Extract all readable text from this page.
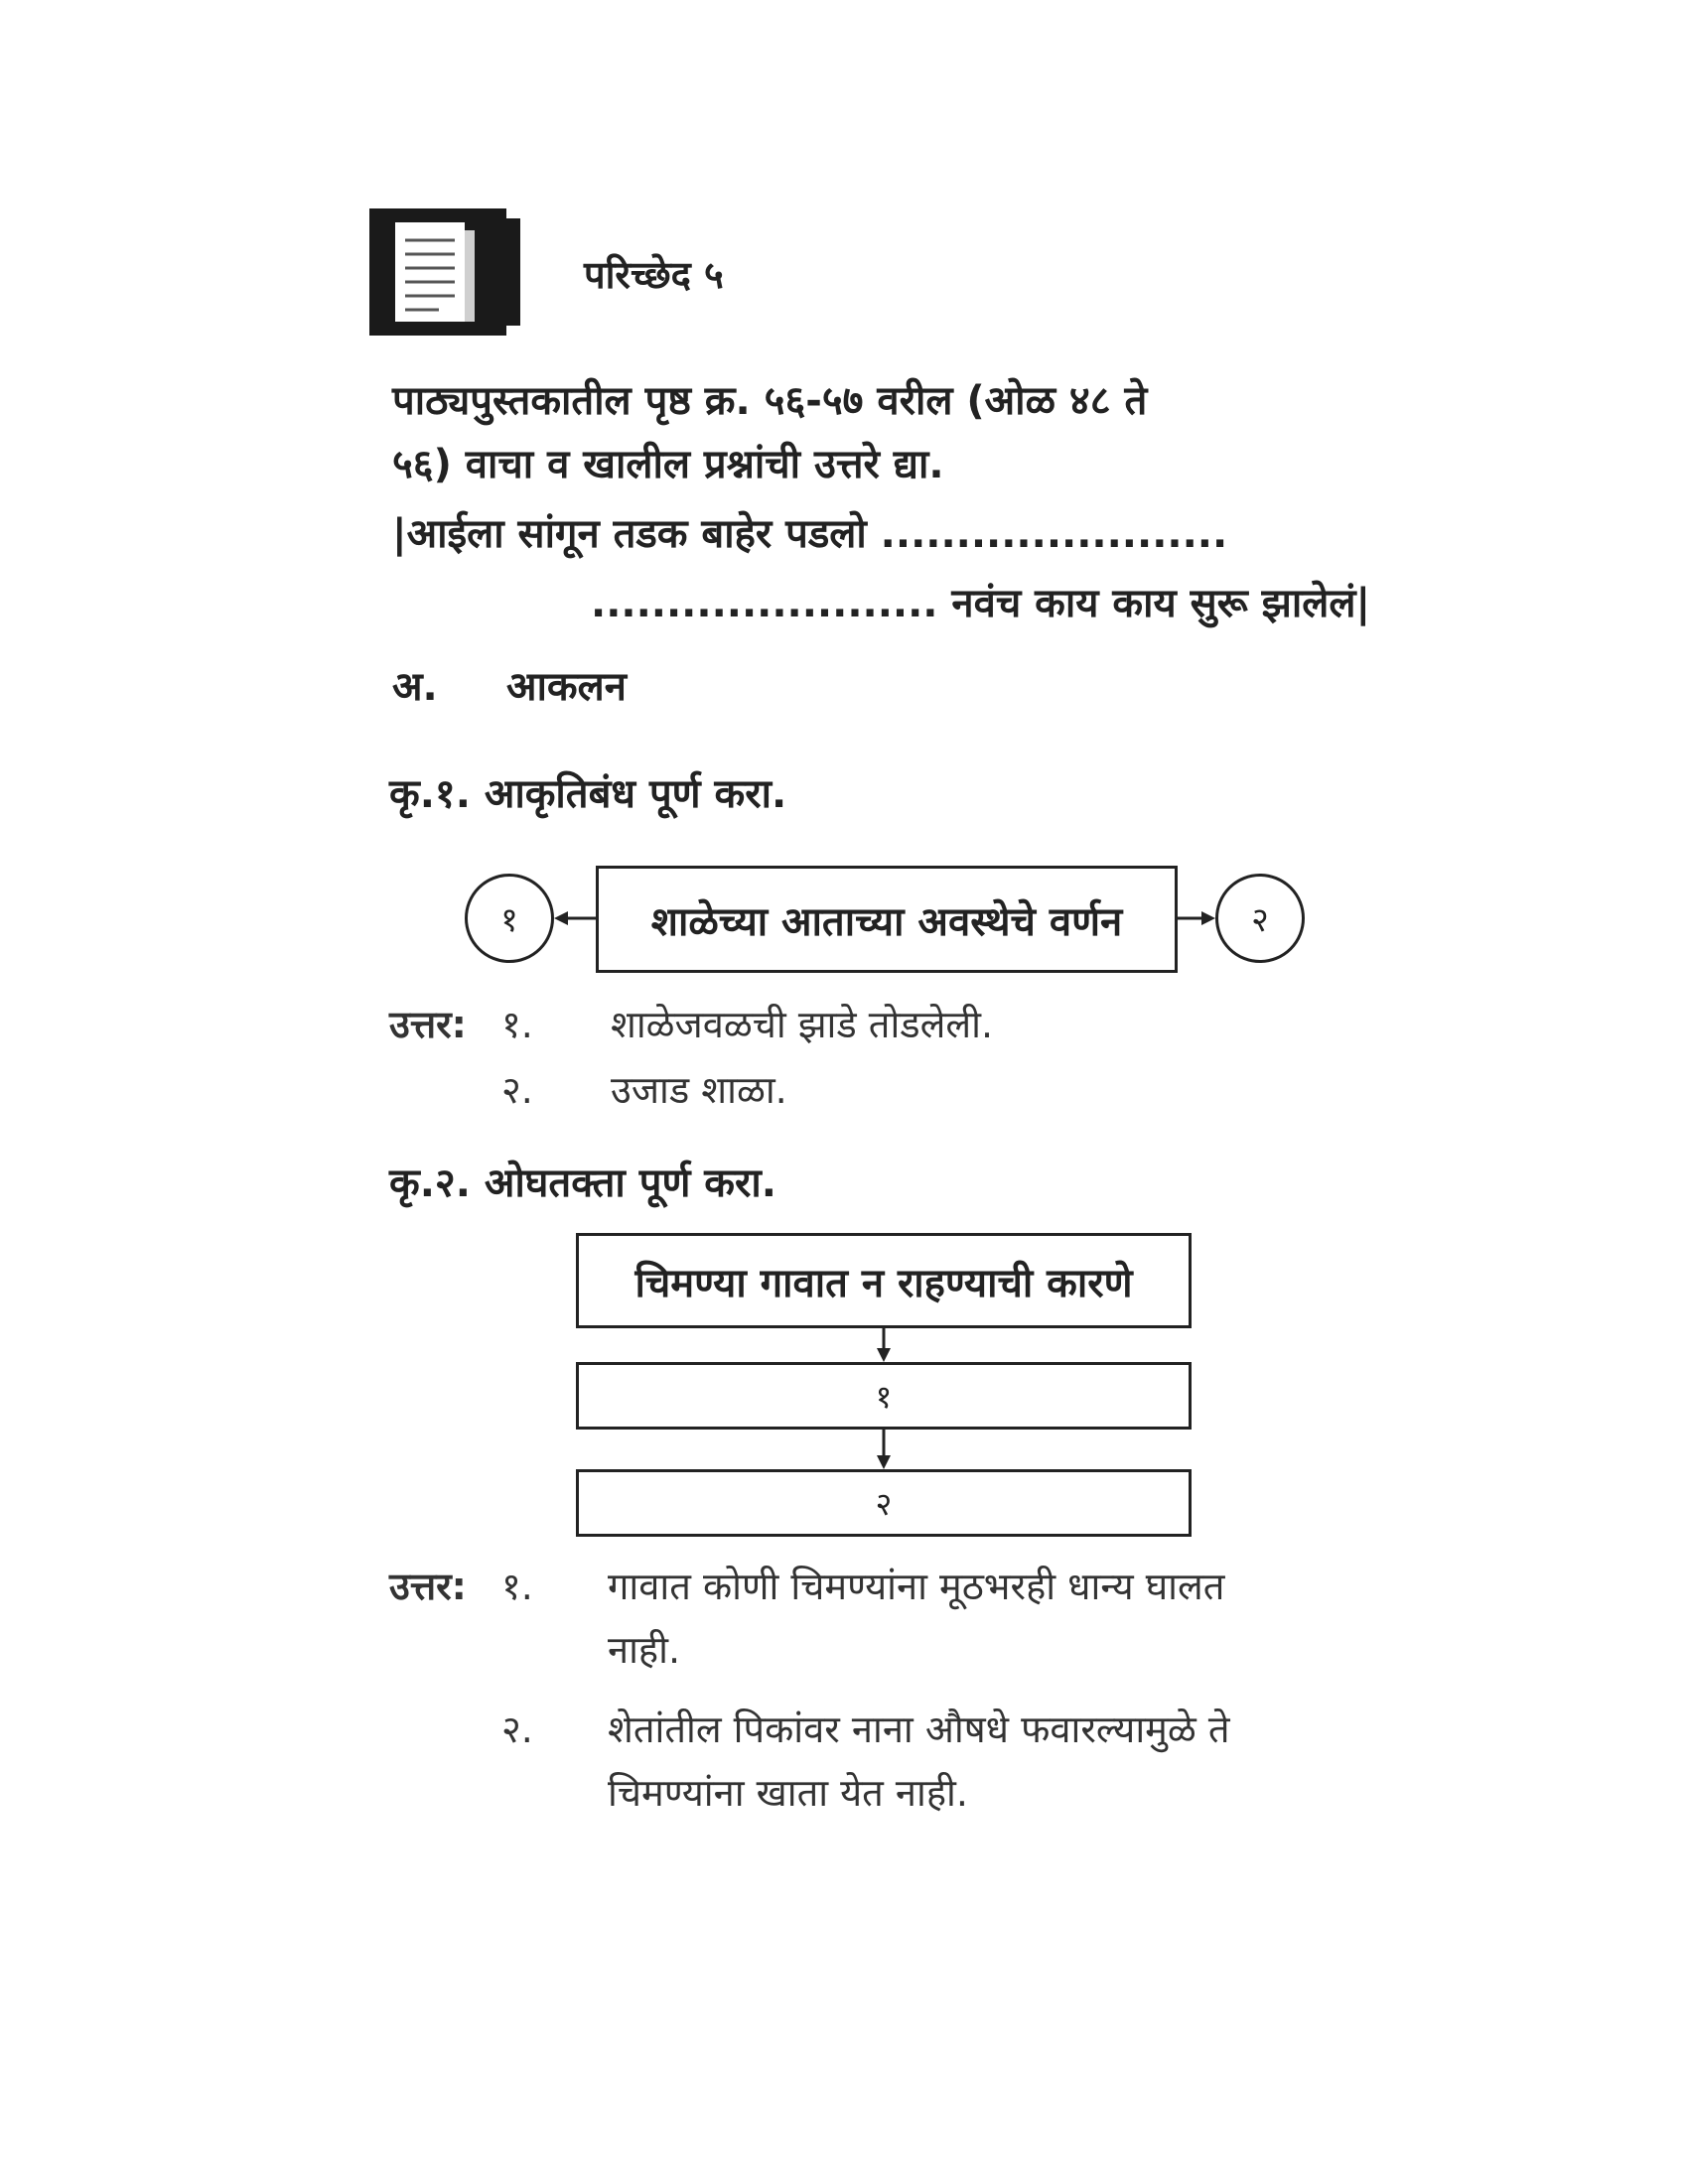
परिच्छेद ५
पाठ्यपुस्तकातील पृष्ठ क्र. ५६-५७ वरील (ओळ ४८ ते
५६) वाचा व खालील प्रश्नांची उत्तरे द्या.
|आईला सांगून तडक बाहेर पडलो .......................
....................... नवंच काय काय सुरू झालेलं|
अ. आकलन
कृ.१. आकृतिबंध पूर्ण करा.
१	शाळेच्या आताच्या अवस्थेचे वर्णन	२
उत्तर: १. शाळेजवळची झाडे तोडलेली.
२. उजाड शाळा.
कृ.२. ओघतक्ता पूर्ण करा.
चिमण्या गावात न राहण्याची कारणे
१
२
उत्तर: १. गावात कोणी चिमण्यांना मूठभरही धान्य घालत
नाही.
२. शेतांतील पिकांवर नाना औषधे फवारल्यामुळे ते
चिमण्यांना खाता येत नाही.
